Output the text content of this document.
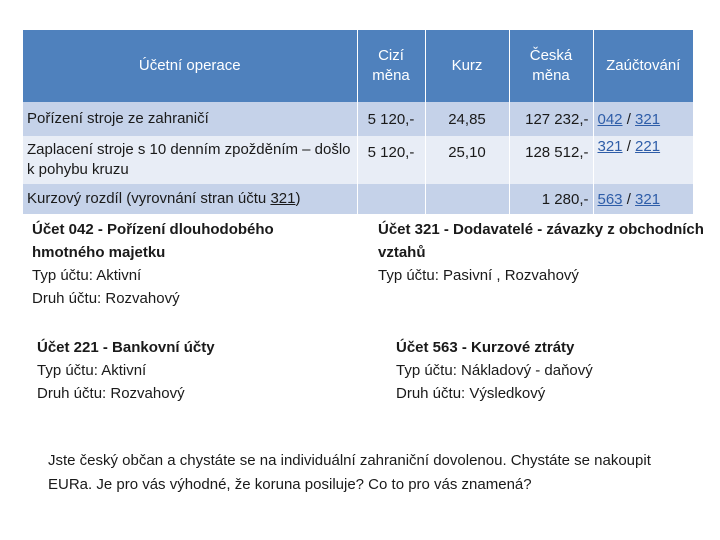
Účetní operace	Cizí měna	Kurz	Česká měna	Zaúčtování
Pořízení stroje ze zahraničí	5 120,-	24,85	127 232,-	042 / 321
Zaplacení stroje s 10 denním zpožděním – došlo k pohybu kruzu	5 120,-	25,10	128 512,-	321 / 221
Kurzový rozdíl (vyrovnání stran účtu 321)			1 280,-	563 / 321
Účet 042 - Pořízení dlouhodobého hmotného majetku
Typ účtu: Aktivní
Druh účtu: Rozvahový
Účet 321 - Dodavatelé - závazky z obchodních vztahů
Typ účtu: Pasivní , Rozvahový
Účet 221 - Bankovní účty
Typ účtu: Aktivní
Druh účtu: Rozvahový
Účet 563 - Kurzové ztráty
Typ účtu: Nákladový - daňový
Druh účtu: Výsledkový
Jste český občan a chystáte se na individuální zahraniční dovolenou. Chystáte se nakoupit EURa. Je pro vás výhodné, že koruna posiluje? Co to pro vás znamená?
